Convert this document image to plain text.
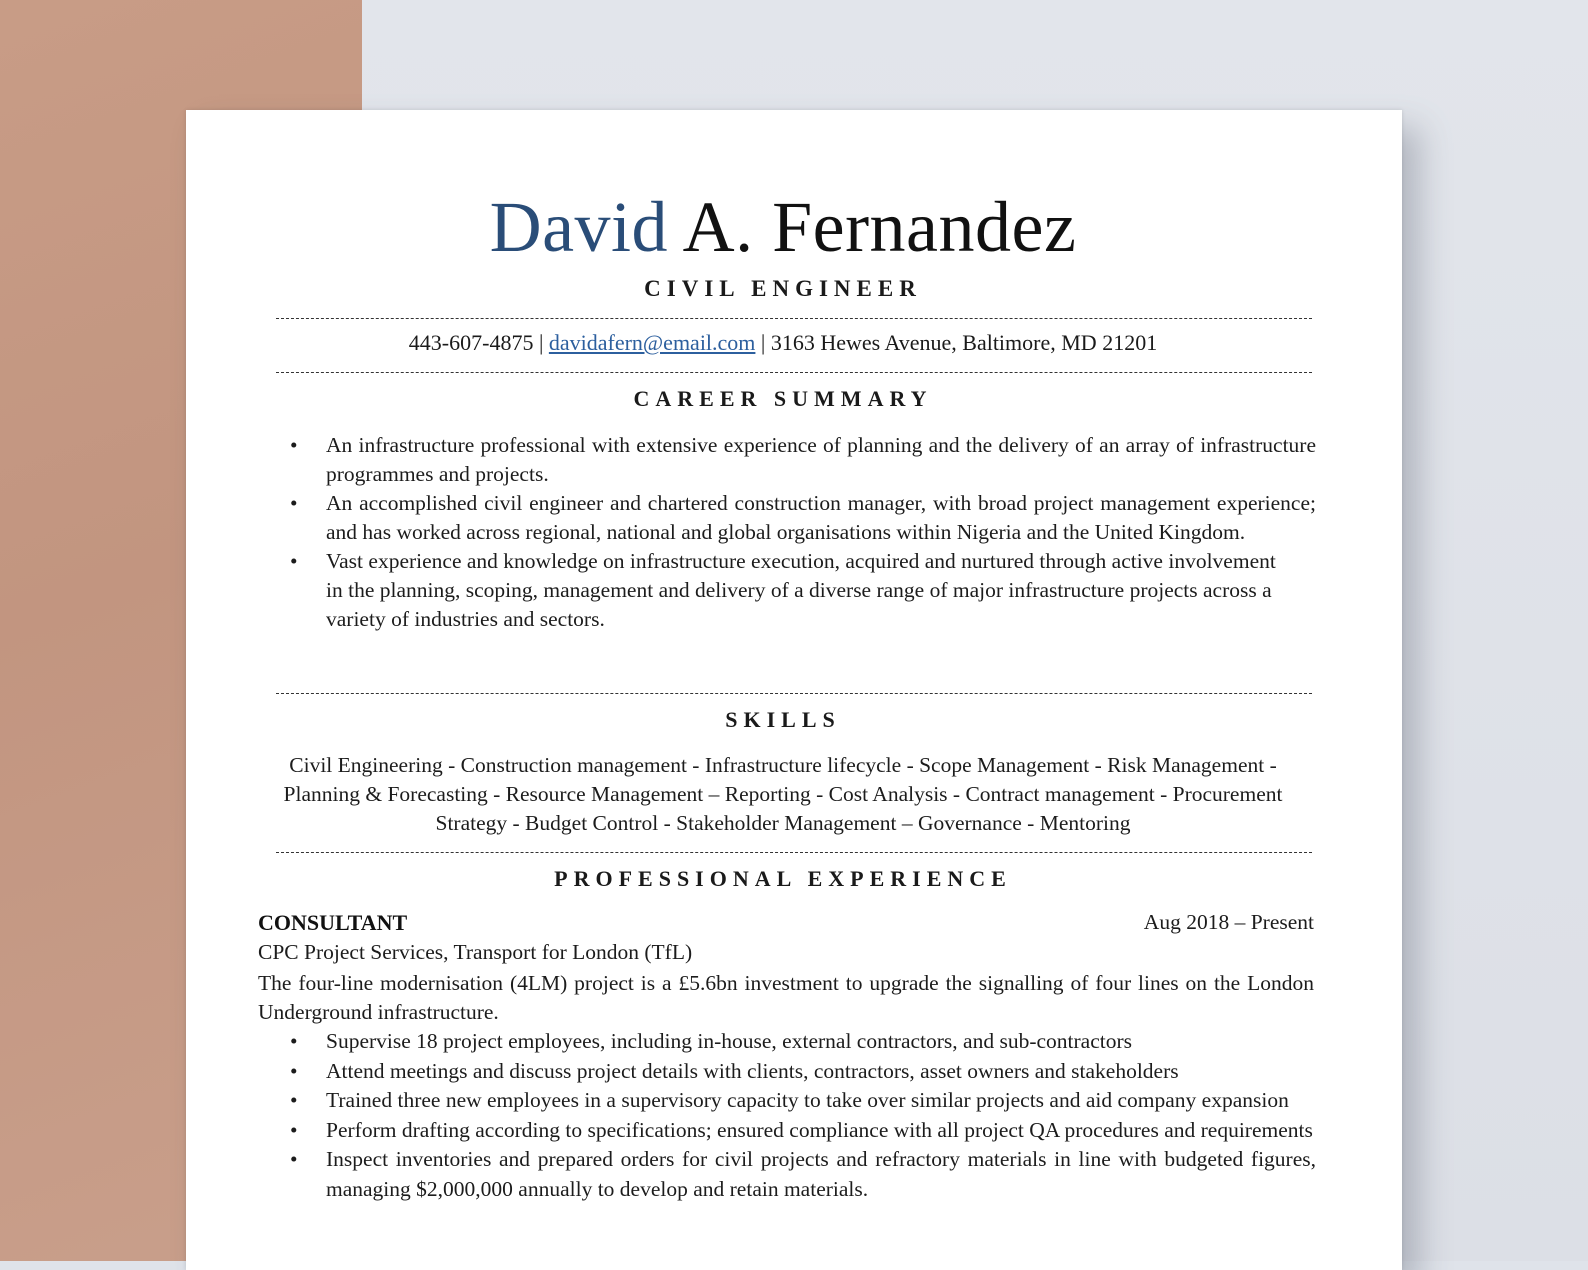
David A. Fernandez
CIVIL ENGINEER
443-607-4875 | davidafern@email.com | 3163 Hewes Avenue, Baltimore, MD 21201
CAREER SUMMARY
• An infrastructure professional with extensive experience of planning and the delivery of an array of infrastructure programmes and projects.
• An accomplished civil engineer and chartered construction manager, with broad project management experience; and has worked across regional, national and global organisations within Nigeria and the United Kingdom.
• Vast experience and knowledge on infrastructure execution, acquired and nurtured through active involvement in the planning, scoping, management and delivery of a diverse range of major infrastructure projects across a variety of industries and sectors.
SKILLS
Civil Engineering - Construction management - Infrastructure lifecycle - Scope Management - Risk Management - Planning & Forecasting - Resource Management – Reporting - Cost Analysis - Contract management - Procurement Strategy - Budget Control - Stakeholder Management – Governance - Mentoring
PROFESSIONAL EXPERIENCE
CONSULTANT	Aug 2018 – Present
CPC Project Services, Transport for London (TfL)
The four-line modernisation (4LM) project is a £5.6bn investment to upgrade the signalling of four lines on the London Underground infrastructure.
• Supervise 18 project employees, including in-house, external contractors, and sub-contractors
• Attend meetings and discuss project details with clients, contractors, asset owners and stakeholders
• Trained three new employees in a supervisory capacity to take over similar projects and aid company expansion
• Perform drafting according to specifications; ensured compliance with all project QA procedures and requirements
• Inspect inventories and prepared orders for civil projects and refractory materials in line with budgeted figures, managing $2,000,000 annually to develop and retain materials.
